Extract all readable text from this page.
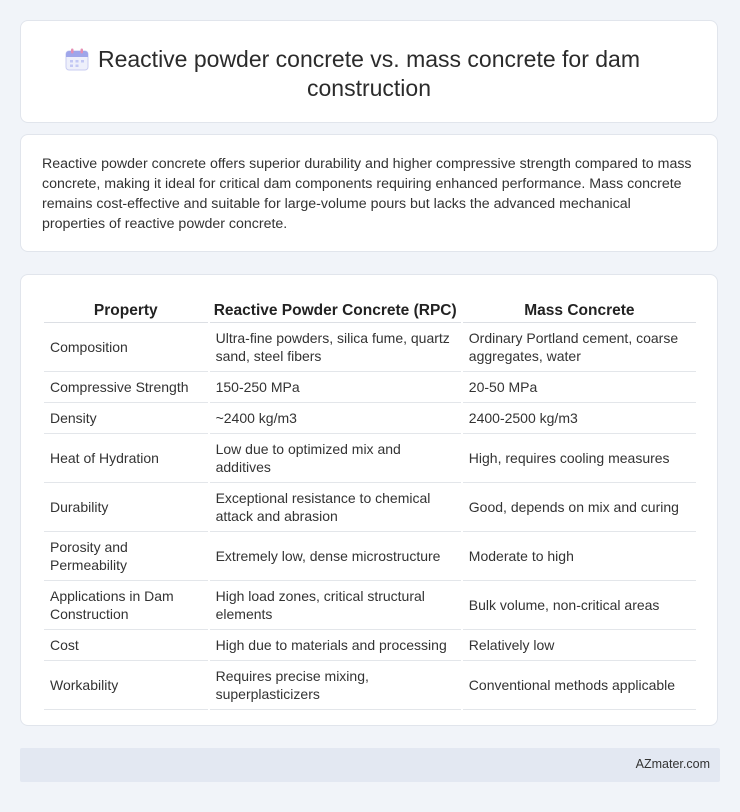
Reactive powder concrete vs. mass concrete for dam
construction

Reactive powder concrete offers superior durability and higher compressive strength compared to mass concrete, making it ideal for critical dam components requiring enhanced performance. Mass concrete remains cost-effective and suitable for large-volume pours but lacks the advanced mechanical properties of reactive powder concrete.

Property	Reactive Powder Concrete (RPC)	Mass Concrete
Composition	Ultra-fine powders, silica fume, quartz sand, steel fibers	Ordinary Portland cement, coarse aggregates, water
Compressive Strength	150-250 MPa	20-50 MPa
Density	~2400 kg/m3	2400-2500 kg/m3
Heat of Hydration	Low due to optimized mix and additives	High, requires cooling measures
Durability	Exceptional resistance to chemical attack and abrasion	Good, depends on mix and curing
Porosity and Permeability	Extremely low, dense microstructure	Moderate to high
Applications in Dam Construction	High load zones, critical structural elements	Bulk volume, non-critical areas
Cost	High due to materials and processing	Relatively low
Workability	Requires precise mixing, superplasticizers	Conventional methods applicable
AZmater.com
